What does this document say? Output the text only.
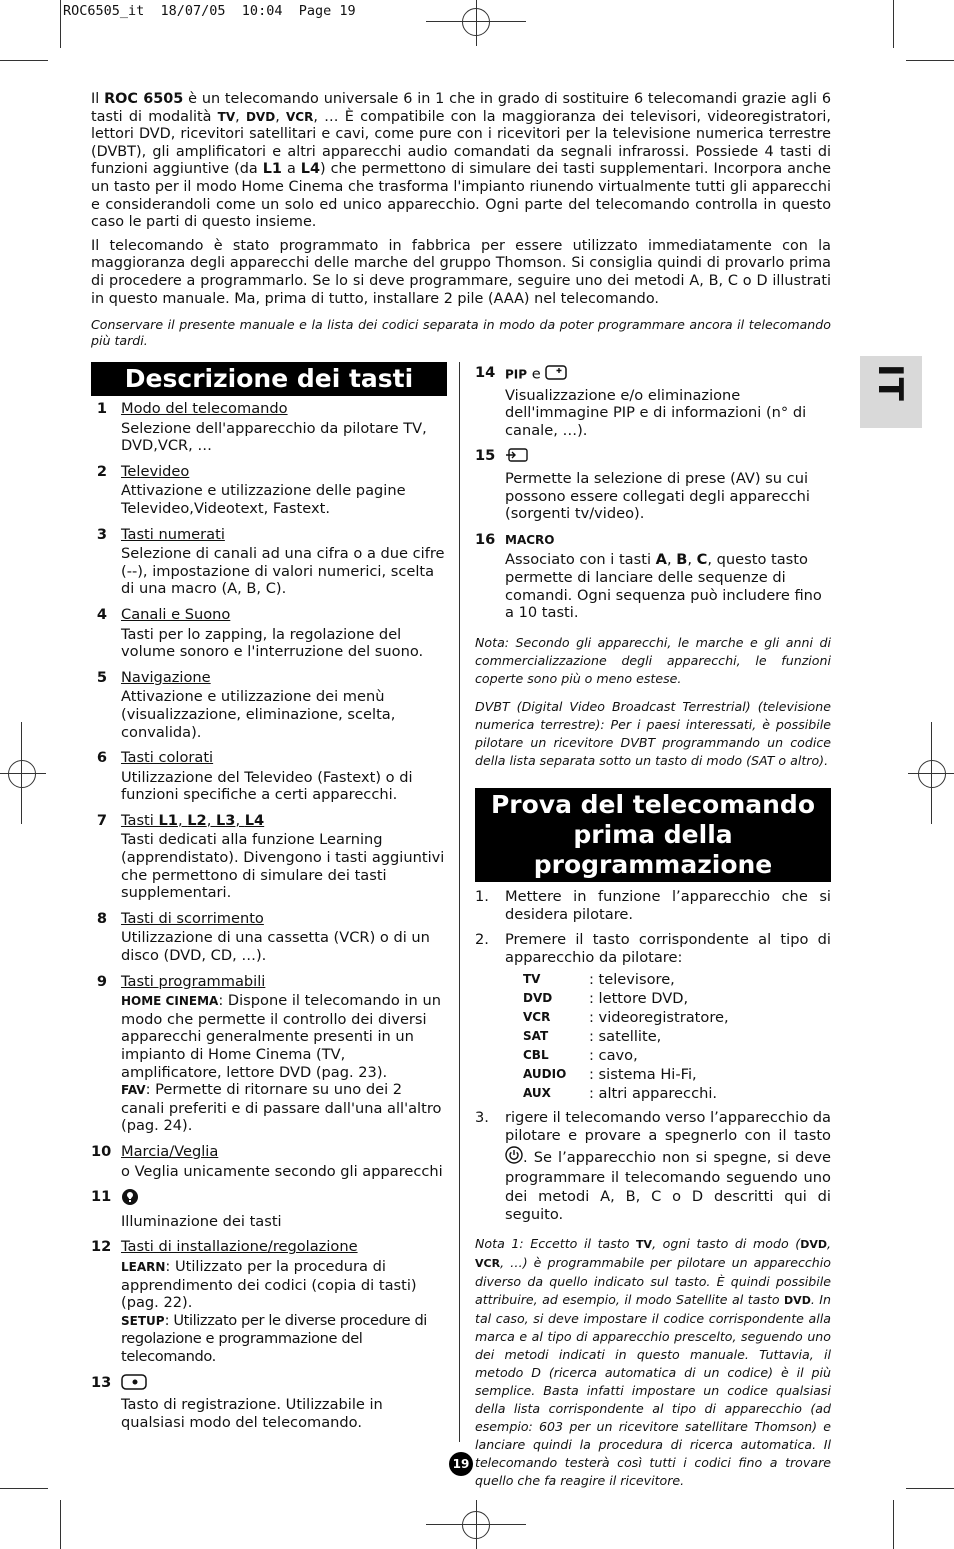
ROC6505_it  18/07/05  10:04  Page 19
IT

Il ROC 6505 è un telecomando universale 6 in 1 che in grado di sostituire 6 telecomandi grazie agli 6 tasti di modalità TV, DVD, VCR, … È compatibile con la maggioranza dei televisori, videoregistratori, lettori DVD, ricevitori satellitari e cavi, come pure con i ricevitori per la televisione numerica terrestre (DVBT), gli amplificatori e altri apparecchi audio comandati da segnali infrarossi. Possiede 4 tasti di funzioni aggiuntive (da L1 a L4) che permettono di simulare dei tasti supplementari. Incorpora anche un tasto per il modo Home Cinema che trasforma l'impianto riunendo virtualmente tutti gli apparecchi e considerandoli come un solo ed unico apparecchio. Ogni parte del telecomando controlla in questo caso le parti di questo insieme.

Il telecomando è stato programmato in fabbrica per essere utilizzato immediatamente con la maggioranza degli apparecchi delle marche del gruppo Thomson. Si consiglia quindi di provarlo prima di procedere a programmarlo. Se lo si deve programmare, seguire uno dei metodi A, B, C o D illustrati in questo manuale. Ma, prima di tutto, installare 2 pile (AAA) nel telecomando.

Conservare il presente manuale e la lista dei codici separata in modo da poter programmare ancora il telecomando più tardi.

Descrizione dei tasti
1 Modo del telecomando
Selezione dell'apparecchio da pilotare TV, DVD,VCR, …
2 Televideo
Attivazione e utilizzazione delle pagine Televideo,Videotext, Fastext.
3 Tasti numerati
Selezione di canali ad una cifra o a due cifre (--), impostazione di valori numerici, scelta di una macro (A, B, C).
4 Canali e Suono
Tasti per lo zapping, la regolazione del volume sonoro e l'interruzione del suono.
5 Navigazione
Attivazione e utilizzazione dei menù (visualizzazione, eliminazione, scelta, convalida).
6 Tasti colorati
Utilizzazione del Televideo (Fastext) o di funzioni specifiche a certi apparecchi.
7 Tasti L1, L2, L3, L4
Tasti dedicati alla funzione Learning (apprendistato). Divengono i tasti aggiuntivi che permettono di simulare dei tasti supplementari.
8 Tasti di scorrimento
Utilizzazione di una cassetta (VCR) o di un disco (DVD, CD, …).
9 Tasti programmabili
HOME CINEMA: Dispone il telecomando in un modo che permette il controllo dei diversi apparecchi generalmente presenti in un impianto di Home Cinema (TV, amplificatore, lettore DVD (pag. 23).
FAV: Permette di ritornare su uno dei 2 canali preferiti e di passare dall'una all'altro (pag. 24).
10 Marcia/Veglia
o Veglia unicamente secondo gli apparecchi
11
Illuminazione dei tasti
12 Tasti di installazione/regolazione
LEARN: Utilizzato per la procedura di apprendimento dei codici (copia di tasti) (pag. 22).
SETUP: Utilizzato per le diverse procedure di regolazione e programmazione del telecomando.
13
Tasto di registrazione. Utilizzabile in qualsiasi modo del telecomando.
14 PIP e
Visualizzazione e/o eliminazione dell'immagine PIP e di informazioni (n° di canale, …).
15
Permette la selezione di prese (AV) su cui possono essere collegati degli apparecchi (sorgenti tv/video).
16 MACRO
Associato con i tasti A, B, C, questo tasto permette di lanciare delle sequenze di comandi. Ogni sequenza può includere fino a 10 tasti.

Nota: Secondo gli apparecchi, le marche e gli anni di commercializzazione degli apparecchi, le funzioni coperte sono più o meno estese.

DVBT (Digital Video Broadcast Terrestrial) (televisione numerica terrestre): Per i paesi interessati, è possibile pilotare un ricevitore DVBT programmando un codice della lista separata sotto un tasto di modo (SAT o altro).

Prova del telecomando
prima della programmazione
1. Mettere in funzione l’apparecchio che si desidera pilotare.
2. Premere il tasto corrispondente al tipo di apparecchio da pilotare:
TV	: televisore,
DVD	: lettore DVD,
VCR	: videoregistratore,
SAT	: satellite,
CBL	: cavo,
AUDIO	: sistema Hi-Fi,
AUX	: altri apparecchi.
3. rigere il telecomando verso l’apparecchio da pilotare e provare a spegnerlo con il tasto . Se l’apparecchio non si spegne, si deve programmare il telecomando seguendo uno dei metodi A, B, C o D descritti qui di seguito.

Nota 1: Eccetto il tasto TV, ogni tasto di modo (DVD, VCR, …) è programmabile per pilotare un apparecchio diverso da quello indicato sul tasto. È quindi possibile attribuire, ad esempio, il modo Satellite al tasto DVD. In tal caso, si deve impostare il codice corrispondente alla marca e al tipo di apparecchio prescelto, seguendo uno dei metodi indicati in questo manuale. Tuttavia, il metodo D (ricerca automatica di un codice) è il più semplice. Basta infatti impostare un codice qualsiasi della lista corrispondente al tipo di apparecchio (ad esempio: 603 per un ricevitore satellitare Thomson) e lanciare quindi la procedura di ricerca automatica. Il telecomando testerà così tutti i codici fino a trovare quello che fa reagire il ricevitore.

19
